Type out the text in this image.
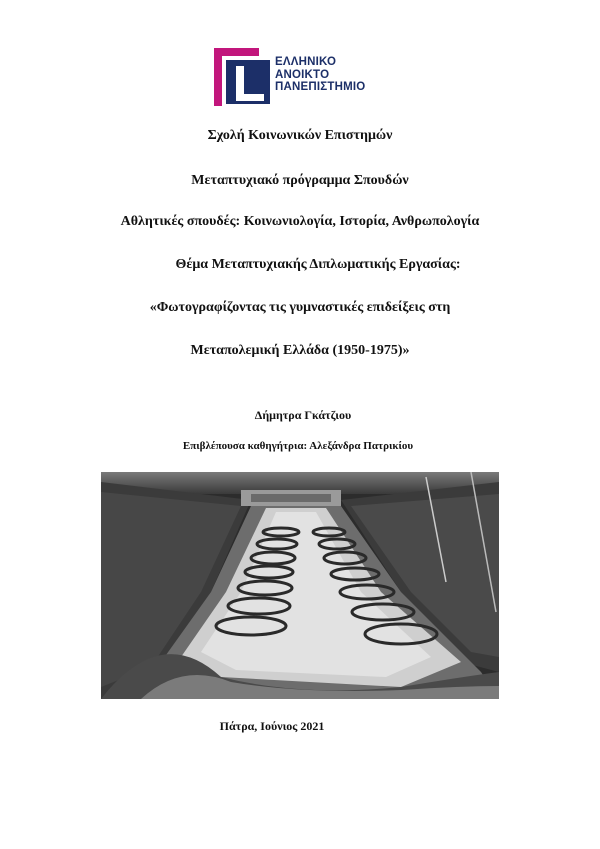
ΕΛΛΗΝΙΚΟ
ΑΝΟΙΚΤΟ
ΠΑΝΕΠΙΣΤΗΜΙΟ
Σχολή Κοινωνικών Επιστημών
Μεταπτυχιακό πρόγραμμα Σπουδών
Αθλητικές σπουδές: Κοινωνιολογία, Ιστορία, Ανθρωπολογία
Θέμα Μεταπτυχιακής Διπλωματικής Εργασίας:
«Φωτογραφίζοντας τις γυμναστικές επιδείξεις στη
Μεταπολεμική Ελλάδα (1950-1975)»
Δήμητρα Γκάτζιου
Επιβλέπουσα καθηγήτρια: Αλεξάνδρα Πατρικίου
Πάτρα, Ιούνιος 2021
